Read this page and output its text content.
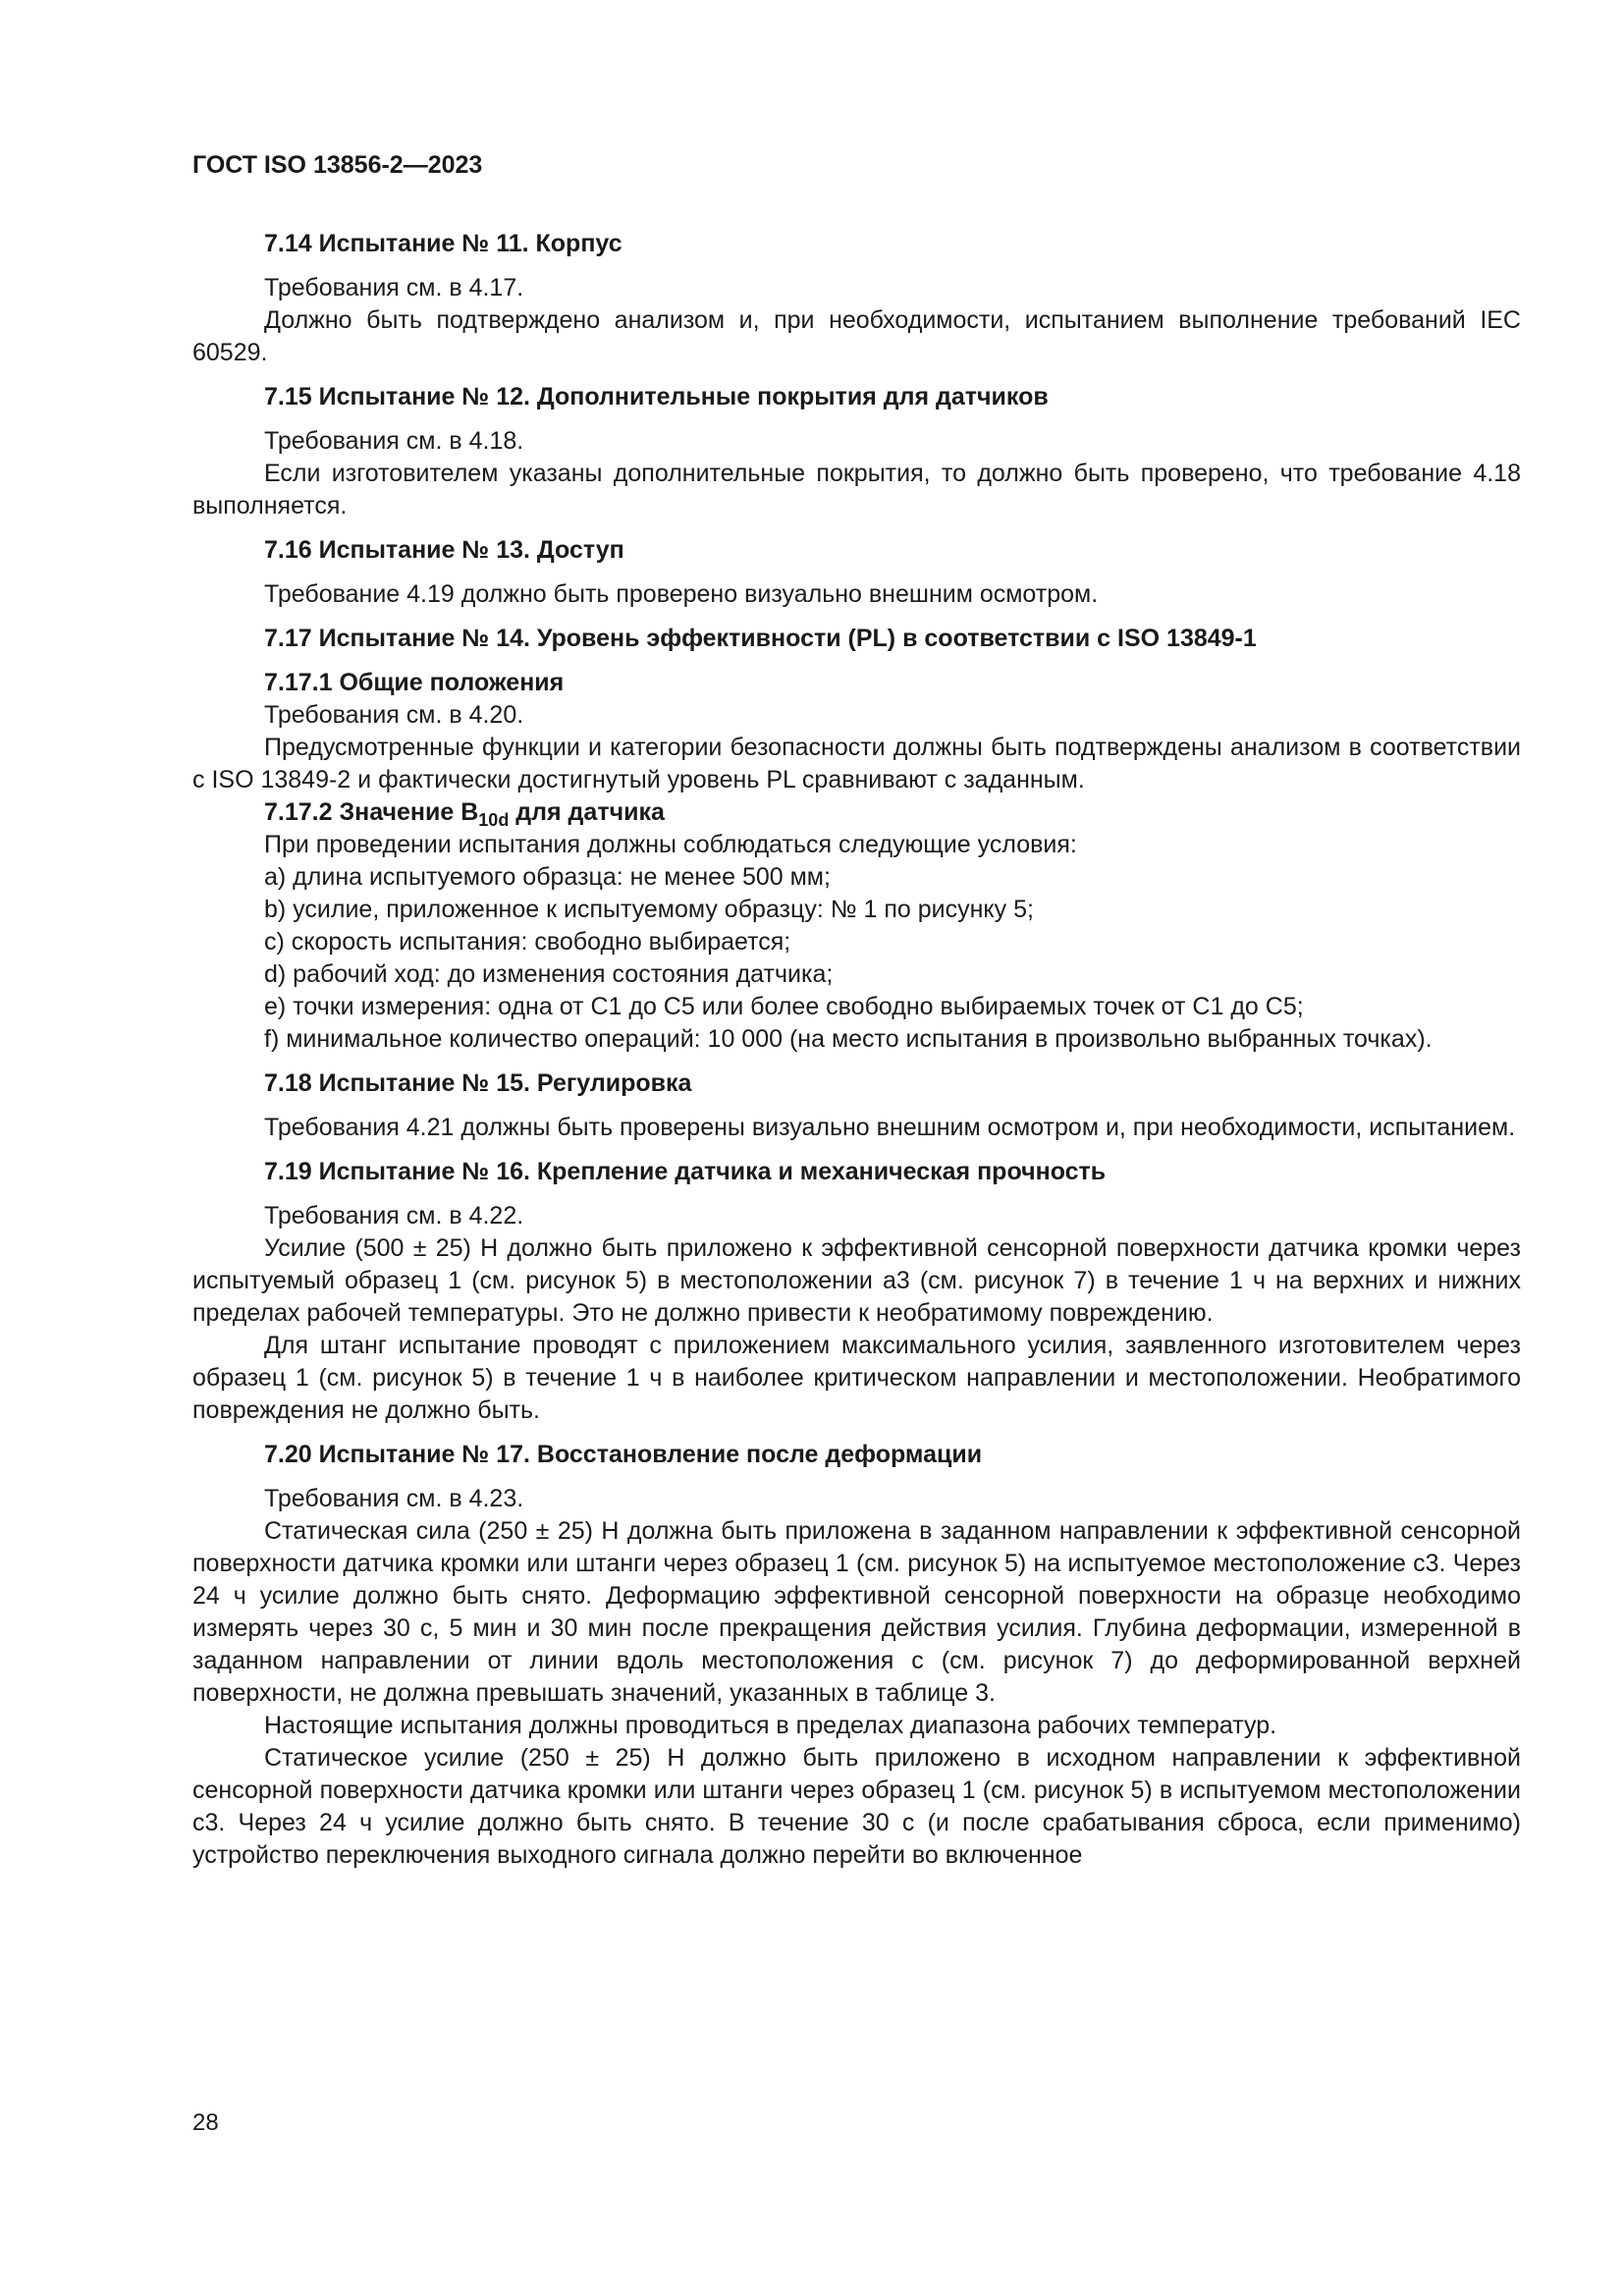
ГОСТ ISO 13856-2—2023

7.14 Испытание № 11. Корпус

Требования см. в 4.17.

Должно быть подтверждено анализом и, при необходимости, испытанием выполнение требований IEC 60529.

7.15 Испытание № 12. Дополнительные покрытия для датчиков

Требования см. в 4.18.

Если изготовителем указаны дополнительные покрытия, то должно быть проверено, что требование 4.18 выполняется.

7.16 Испытание № 13. Доступ

Требование 4.19 должно быть проверено визуально внешним осмотром.

7.17 Испытание № 14. Уровень эффективности (PL) в соответствии с ISO 13849-1

7.17.1 Общие положения

Требования см. в 4.20.

Предусмотренные функции и категории безопасности должны быть подтверждены анализом в соответствии с ISO 13849-2 и фактически достигнутый уровень PL сравнивают с заданным.

7.17.2 Значение $B_{10d}$ для датчика

При проведении испытания должны соблюдаться следующие условия:

a) длина испытуемого образца: не менее 500 мм;

b) усилие, приложенное к испытуемому образцу: № 1 по рисунку 5;

c) скорость испытания: свободно выбирается;

d) рабочий ход: до изменения состояния датчика;

e) точки измерения: одна от C1 до C5 или более свободно выбираемых точек от C1 до C5;

f) минимальное количество операций: 10 000 (на место испытания в произвольно выбранных точках).

7.18 Испытание № 15. Регулировка

Требования 4.21 должны быть проверены визуально внешним осмотром и, при необходимости, испытанием.

7.19 Испытание № 16. Крепление датчика и механическая прочность

Требования см. в 4.22.

Усилие (500 ± 25) Н должно быть приложено к эффективной сенсорной поверхности датчика кромки через испытуемый образец 1 (см. рисунок 5) в местоположении a3 (см. рисунок 7) в течение 1 ч на верхних и нижних пределах рабочей температуры. Это не должно привести к необратимому повреждению.

Для штанг испытание проводят с приложением максимального усилия, заявленного изготовителем через образец 1 (см. рисунок 5) в течение 1 ч в наиболее критическом направлении и местоположении. Необратимого повреждения не должно быть.

7.20 Испытание № 17. Восстановление после деформации

Требования см. в 4.23.

Статическая сила (250 ± 25) Н должна быть приложена в заданном направлении к эффективной сенсорной поверхности датчика кромки или штанги через образец 1 (см. рисунок 5) на испытуемое местоположение c3. Через 24 ч усилие должно быть снято. Деформацию эффективной сенсорной поверхности на образце необходимо измерять через 30 с, 5 мин и 30 мин после прекращения действия усилия. Глубина деформации, измеренной в заданном направлении от линии вдоль местоположения c (см. рисунок 7) до деформированной верхней поверхности, не должна превышать значений, указанных в таблице 3.

Настоящие испытания должны проводиться в пределах диапазона рабочих температур.

Статическое усилие (250 ± 25) Н должно быть приложено в исходном направлении к эффективной сенсорной поверхности датчика кромки или штанги через образец 1 (см. рисунок 5) в испытуемом местоположении c3. Через 24 ч усилие должно быть снято. В течение 30 с (и после срабатывания сброса, если применимо) устройство переключения выходного сигнала должно перейти во включенное

28
